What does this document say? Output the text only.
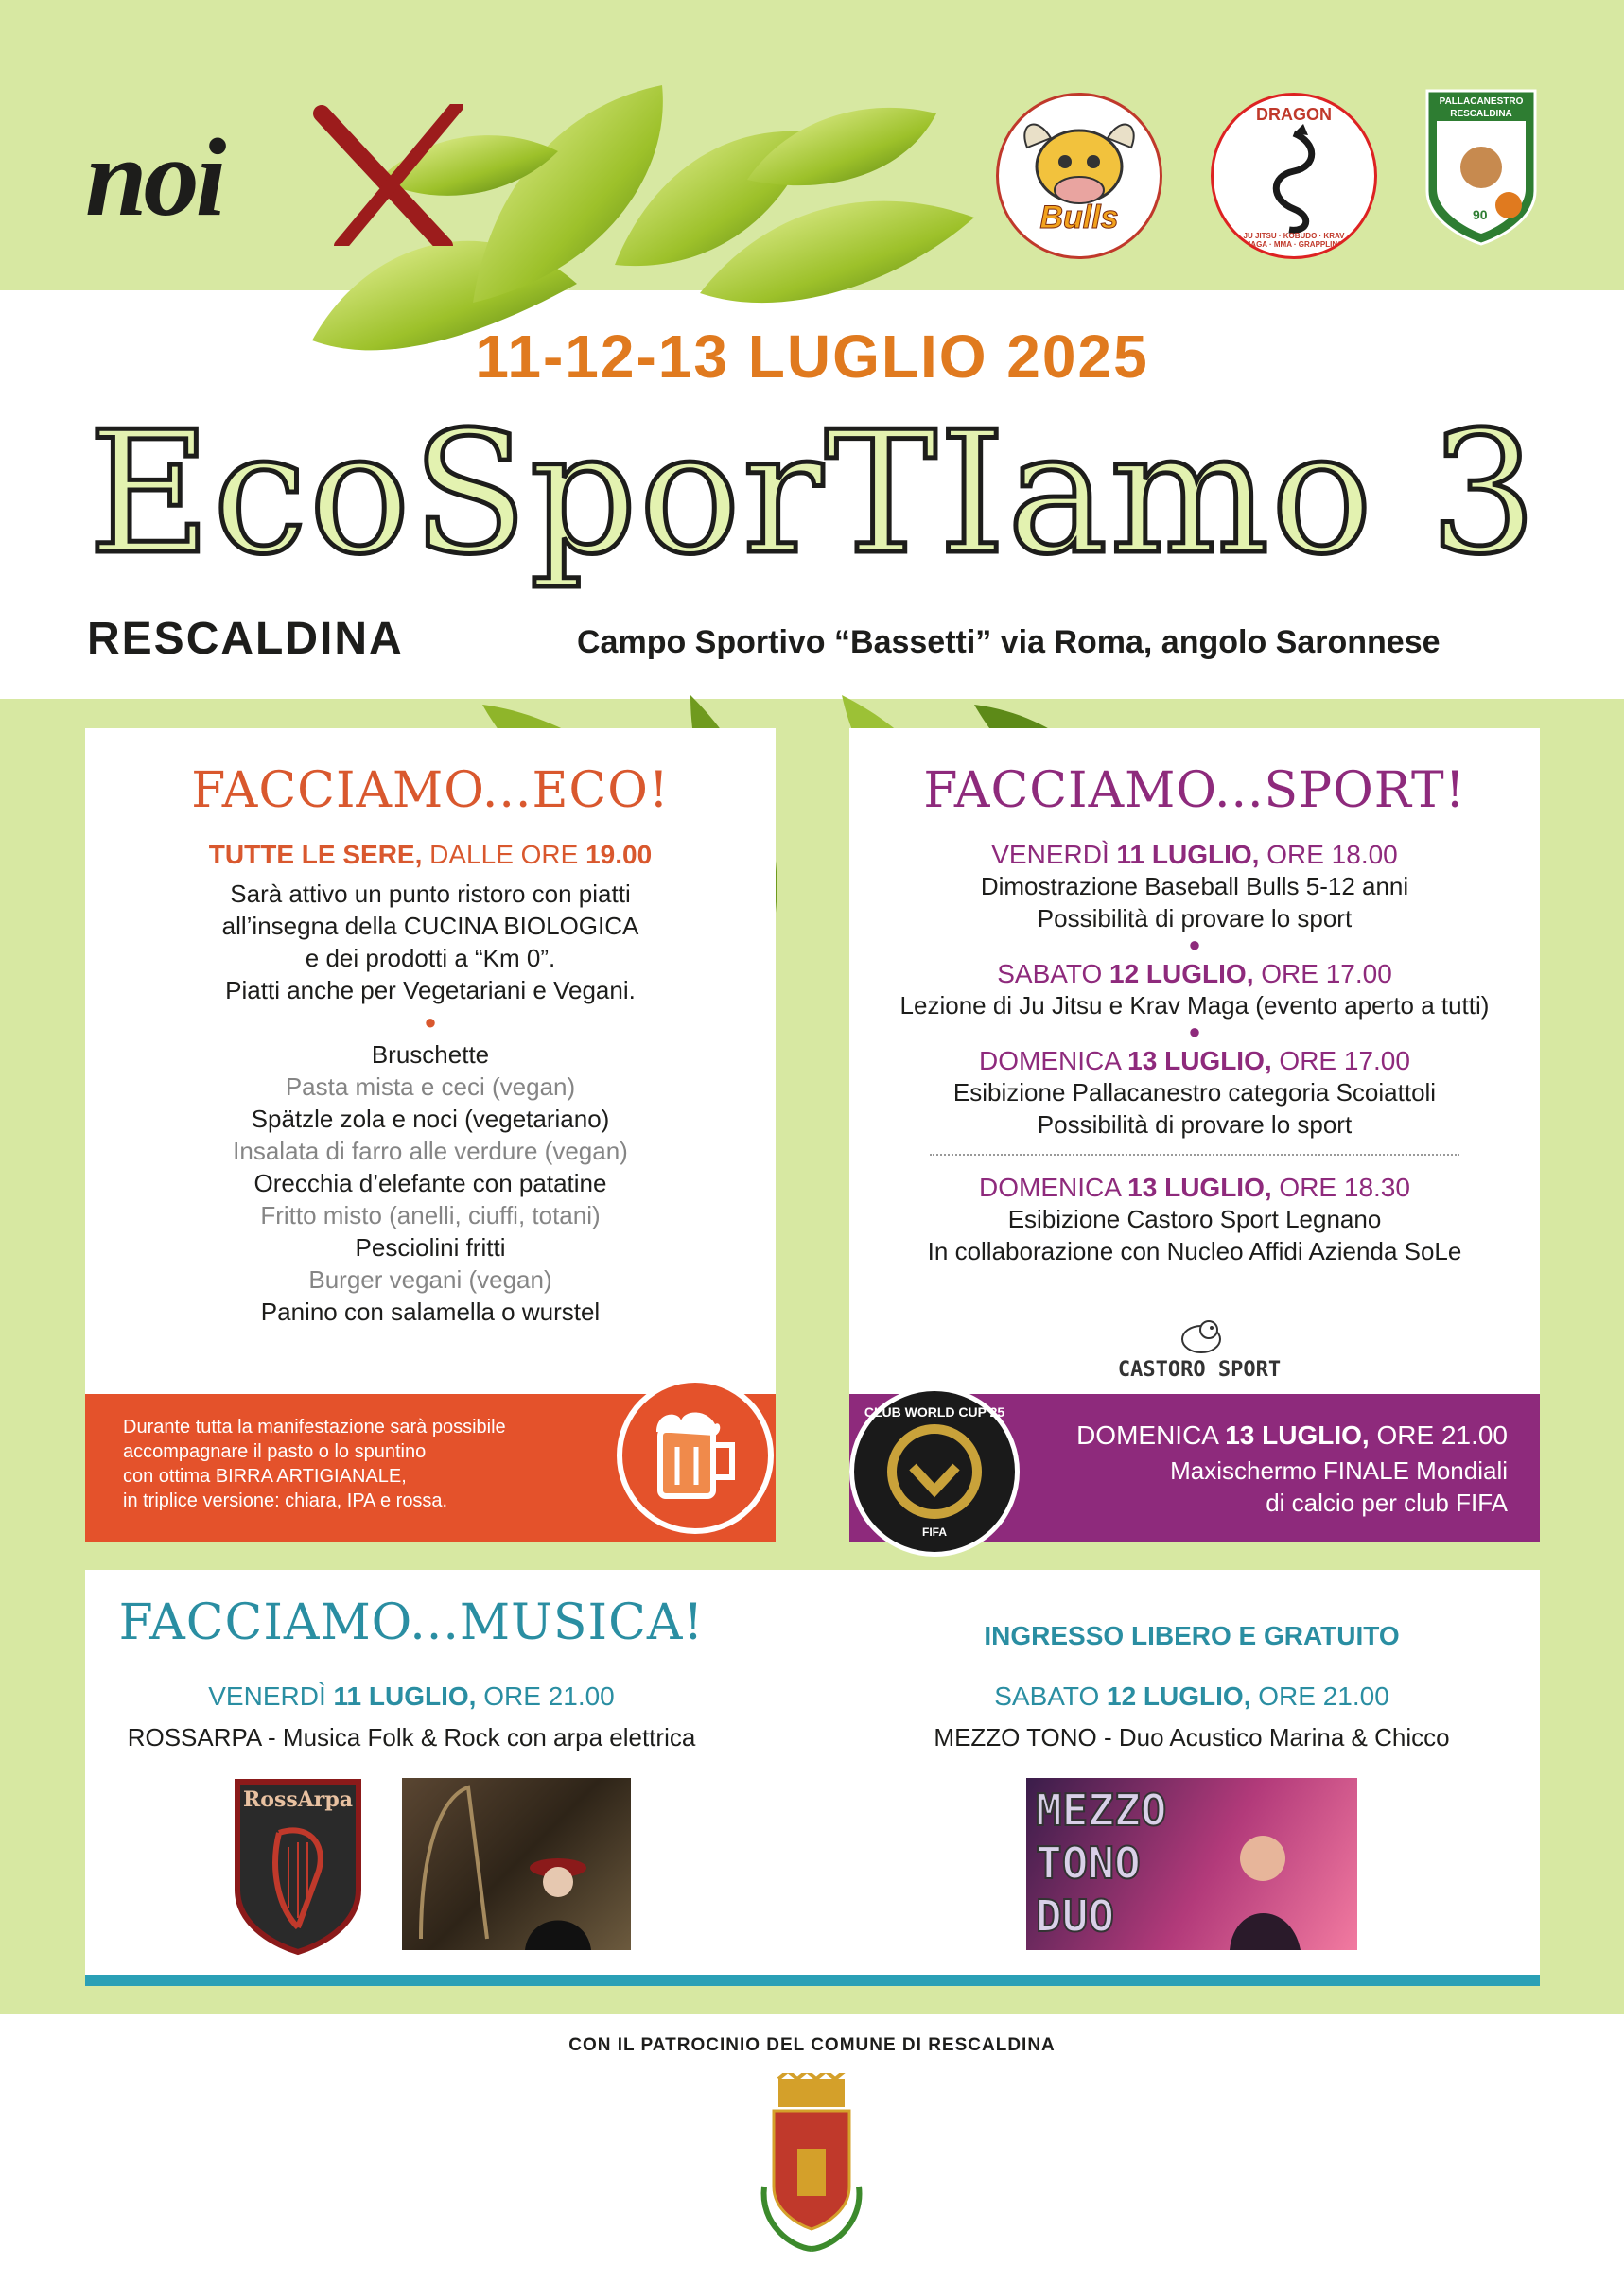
noi	Bulls
DRAGON
JU JITSU · KOBUDO · KRAV MAGA · MMA · GRAPPLING
90
PALLACANESTRO
RESCALDINA
11-12-13 LUGLIO 2025
EcoSporTIamo 3
RESCALDINA	Campo Sportivo “Bassetti” via Roma, angolo Saronnese
FACCIAMO...ECO!
TUTTE LE SERE, DALLE ORE 19.00
Sarà attivo un punto ristoro con piatti
all’insegna della CUCINA BIOLOGICA
e dei prodotti a “Km 0”.
Piatti anche per Vegetariani e Vegani.
●
Bruschette
Pasta mista e ceci (vegan)
Spätzle zola e noci (vegetariano)
Insalata di farro alle verdure (vegan)
Orecchia d’elefante con patatine
Fritto misto (anelli, ciuffi, totani)
Pesciolini fritti
Burger vegani (vegan)
Panino con salamella o wurstel
Durante tutta la manifestazione sarà possibile
accompagnare il pasto o lo spuntino
con ottima BIRRA ARTIGIANALE,
in triplice versione: chiara, IPA e rossa.
FACCIAMO...SPORT!
VENERDÌ 11 LUGLIO, ORE 18.00
Dimostrazione Baseball Bulls 5-12 anni
Possibilità di provare lo sport
●
SABATO 12 LUGLIO, ORE 17.00
Lezione di Ju Jitsu e Krav Maga (evento aperto a tutti)
●
DOMENICA 13 LUGLIO, ORE 17.00
Esibizione Pallacanestro categoria Scoiattoli
Possibilità di provare lo sport
DOMENICA 13 LUGLIO, ORE 18.30
Esibizione Castoro Sport Legnano
In collaborazione con Nucleo Affidi Azienda SoLe
CASTORO SPORT
DOMENICA 13 LUGLIO, ORE 21.00
Maxischermo FINALE Mondiali
di calcio per club FIFA
CLUB WORLD CUP 25
FIFA
FACCIAMO...MUSICA!	INGRESSO LIBERO E GRATUITO
VENERDÌ 11 LUGLIO, ORE 21.00
ROSSARPA - Musica Folk & Rock con arpa elettrica
SABATO 12 LUGLIO, ORE 21.00
MEZZO TONO - Duo Acustico Marina & Chicco
RossArpa	MEZZO
TONO
DUO
CON IL PATROCINIO DEL COMUNE DI RESCALDINA
